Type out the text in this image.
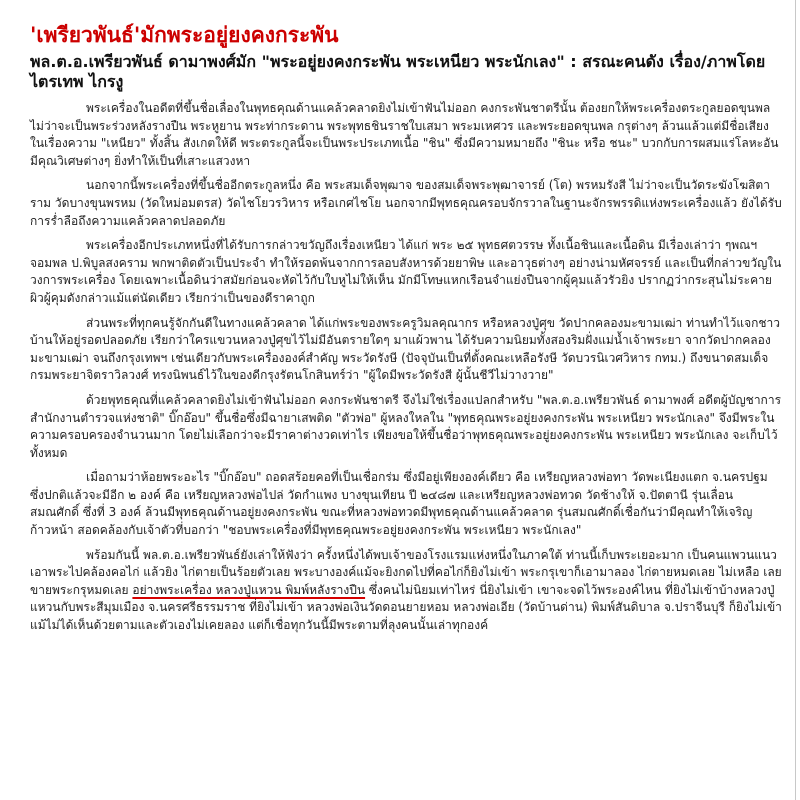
'เพรียวพันธ์'มักพระอยู่ยงคงกระพัน
พล.ต.อ.เพรียวพันธ์ ดามาพงศ์มัก "พระอยู่ยงคงกระพัน พระเหนียว พระนักเลง" : สรณะคนดัง เรื่อง/ภาพโดยไตรเทพ ไกรงู

พระเครื่องในอดีตที่ขึ้นชื่อเลื่องในพุทธคุณด้านแคล้วคลาดยิงไม่เข้าฟันไม่ออก คงกระพันชาตรีนั้น ต้องยกให้พระเครื่องตระกูลยอดขุนพล ไม่ว่าจะเป็นพระร่วงหลังรางปืน พระหูยาน พระท่ากระดาน พระพุทธชินราชใบเสมา พระมเหศวร และพระยอดขุนพล กรุต่างๆ ล้วนแล้วแต่มีชื่อเสียงในเรื่องความ "เหนียว" ทั้งสิ้น สังเกตให้ดี พระตระกูลนี้จะเป็นพระประเภทเนื้อ "ชิน" ซึ่งมีความหมายถึง "ชินะ หรือ ชนะ" บวกกับการผสมแร่โลหะอันมีคุณวิเศษต่างๆ ยิ่งทำให้เป็นที่เสาะแสวงหา

นอกจากนี้พระเครื่องที่ขึ้นชื่ออีกตระกูลหนึ่ง คือ พระสมเด็จพุฒาจ ของสมเด็จพระพุฒาจารย์ (โต) พรหมรังสี ไม่ว่าจะเป็นวัดระฆังโฆสิตาราม วัดบางขุนพรหม (วัดใหม่อมตรส) วัดไชโยวรวิหาร หรือเกศไชโย นอกจากมีพุทธคุณครอบจักรวาลในฐานะจักรพรรดิแห่งพระเครื่องแล้ว ยังได้รับการร่ำลือถึงความแคล้วคลาดปลอดภัย

พระเครื่องอีกประเภทหนึ่งที่ได้รับการกล่าวขวัญถึงเรื่องเหนียว ได้แก่ พระ ๒๕ พุทธศตวรรษ ทั้งเนื้อชินและเนื้อดิน มีเรื่องเล่าว่า ๆพณฯ จอมพล ป.พิบูลสงคราม พกพาติดตัวเป็นประจำ ทำให้รอดพ้นจากการลอบสังหารด้วยยาพิษ และอาวุธต่างๆ อย่างน่ามหัศจรรย์ และเป็นที่กล่าวขวัญในวงการพระเครื่อง โดยเฉพาะเนื้อดินว่าสมัยก่อนจะหัดไว้กับใบหูไม่ให้เห็น มักมีโทษแหกเรือนจำแย่งปืนจากผู้คุมแล้วรัวยิง ปรากฏว่ากระสุนไม่ระคายผิวผู้คุมดังกล่าวแม้แต่นัดเดียว เรียกว่าเป็นของดีราคาถูก

ส่วนพระที่ทุกคนรู้จักกันดีในทางแคล้วคลาด ได้แก่พระของพระครูวิมลคุณากร หรือหลวงปู่ศุข วัดปากคลองมะขามเฒ่า ท่านทำไว้แจกชาวบ้านให้อยู่รอดปลอดภัย เรียกว่าใครแขวนหลวงปู่ศุขไว้ไม่มีอันตรายใดๆ มาแผ้วพาน ได้รับความนิยมทั้งสองริมฝั่งแม่น้ำเจ้าพระยา จากวัดปากคลองมะขามเฒ่า จนถึงกรุงเทพฯ เช่นเดียวกับพระเครื่ององค์สำคัญ พระวัดรังษี (ปัจจุบันเป็นที่ตั้งคณะเหลือรังษี วัดบวรนิเวศวิหาร กทม.) ถึงขนาดสมเด็จกรมพระยาจิตราวิลวงศ์ ทรงนิพนธ์ไว้ในของดีกรุงรัตนโกสินทร์ว่า "ผู้ใดมีพระวัดรังสี ผู้นั้นชีวีไม่วางวาย"

ด้วยพุทธคุณที่แคล้วคลาดยิงไม่เข้าฟันไม่ออก คงกระพันชาตรี จึงไม่ใช่เรื่องแปลกสำหรับ "พล.ต.อ.เพรียวพันธ์ ดามาพงศ์ อดีตผู้บัญชาการสำนักงานตำรวจแห่งชาติ" บิ๊กอ๊อบ" ขึ้นชื่อซึ่งมีฉายาเสพติด "ตัวพ่อ" ผู้หลงใหลใน "พุทธคุณพระอยู่ยงคงกระพัน พระเหนียว พระนักเลง" จึงมีพระในความครอบครองจำนวนมาก โดยไม่เลือกว่าจะมีราคาต่างวดเท่าไร เพียงขอให้ขึ้นชื่อว่าพุทธคุณพระอยู่ยงคงกระพัน พระเหนียว พระนักเลง จะเก็บไว้ทั้งหมด

เมื่อถามว่าห้อยพระอะไร "บิ๊กอ๊อบ" ถอดสร้อยคอที่เป็นเชื่อกร่ม ซึ่งมีอยู่เพียงองค์เดียว คือ เหรียญหลวงพ่อทา วัดพะเนียงแตก จ.นครปฐม ซึ่งปกติแล้วจะมีอีก ๒ องค์ คือ เหรียญหลวงพ่อไปล่ วัดกำแพง บางขุนเทียน ปี ๒๔๘๗ และเหรียญหลวงพ่อทวด วัดช้างให้ จ.ปัตตานี รุ่นเลื่อนสมณศักดิ์ ซึ่งที่ 3 องค์ ล้วนมีพุทธคุณด้านอยู่ยงคงกระพัน ขณะที่หลวงพ่อทวดมีพุทธคุณด้านแคล้วคลาด รุ่นสมณศักดิ์เชื่อกันว่ามีคุณทำให้เจริญก้าวหน้า สอดคล้องกับเจ้าตัวที่บอกว่า "ชอบพระเครื่องที่มีพุทธคุณพระอยู่ยงคงกระพัน พระเหนียว พระนักเลง"

พร้อมกันนี้ พล.ต.อ.เพรียวพันธ์ยังเล่าให้ฟังว่า ครั้งหนึ่งได้พบเจ้าของโรงแรมแห่งหนึ่งในภาคใต้ ท่านนี้เก็บพระเยอะมาก เป็นคนแพวนแนว เอาพระไปคล้องคอไก่ แล้วยิง ไก่ตายเป็นร้อยตัวเลย พระบางองค์แม้จะยิงกดไปที่คอไก่ก็ยิงไม่เข้า พระกรุเขาก็เอามาลอง ไก่ตายหมดเลย ไม่เหลือ เลยขายพระกรุหมดเลย อย่างพระเครื่อง หลวงปู่แหวน พิมพ์หลังรางปืน ซึ่งคนไม่นิยมเท่าไหร่ นี่ยิงไม่เข้า เขาจะจดไว้พระองค์ไหน ที่ยิงไม่เข้าบ้างหลวงปู่แหวนกับพระสีมุมเมือง จ.นครศรีธรรมราช ที่ยิงไม่เข้า หลวงพ่อเงินวัดดอนยายหอม หลวงพ่อเอีย (วัดบ้านด่าน) พิมพ์สันดิบาล จ.ปราจีนบุรี ก็ยิงไม่เข้า แม้ไม่ได้เห็นด้วยตามและตัวเองไม่เคยลอง แต่ก็เชื่อทุกวันนี้มีพระตามที่ลุงคนนั้นเล่าทุกองค์
